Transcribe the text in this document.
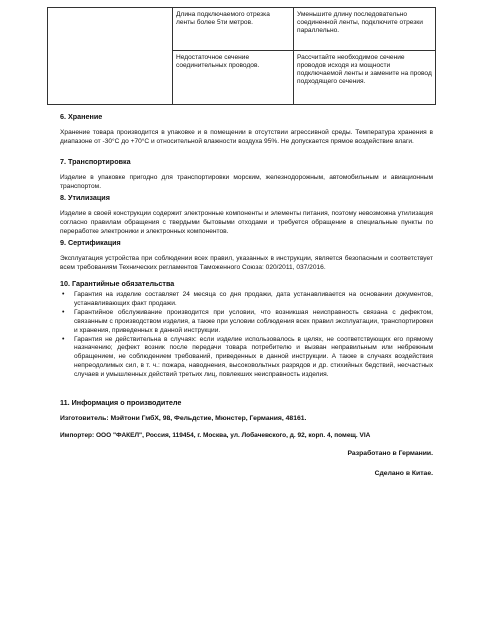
	Длина подключаемого отрезка ленты более 5ти метров.	Уменьшите длину последовательно соединенной ленты, подключите отрезки параллельно.
	Недостаточное сечение соединительных проводов.	Рассчитайте необходимое сечение проводов исходя из мощности подключаемой ленты и замените на провод подходящего сечения.
6. Хранение
Хранение товара производится в упаковке и в помещении в отсутствии агрессивной среды. Температура хранения в диапазоне от -30°С до +70°С и относительной влажности воздуха 95%. Не допускается прямое воздействие влаги.
7. Транспортировка
Изделие в упаковке пригодно для транспортировки морским, железнодорожным, автомобильным и авиационным транспортом.
8. Утилизация
Изделие в своей конструкции содержит электронные компоненты и элементы питания, поэтому невозможна утилизация согласно правилам обращения с твердыми бытовыми отходами и требуется обращение в специальные пункты по переработке электроники и электронных компонентов.
9. Сертификация
Эксплуатация устройства при соблюдении всех правил, указанных в инструкции, является безопасным и соответствует всем требованиям Технических регламентов Таможенного Союза: 020/2011, 037/2016.
10. Гарантийные обязательства
• Гарантия на изделие составляет 24 месяца со дня продажи, дата устанавливается на основании документов, устанавливающих факт продажи.
• Гарантийное обслуживание производится при условии, что возникшая неисправность связана с дефектом, связанным с производством изделия, а также при условии соблюдения всех правил эксплуатации, транспортировки и хранения, приведенных в данной инструкции.
• Гарантия не действительна в случаях: если изделие использовалось в целях, не соответствующих его прямому назначению; дефект возник после передачи товара потребителю и вызван неправильным или небрежным обращением, не соблюдением требований, приведенных в данной инструкции. А также в случаях воздействия непреодолимых сил, в т. ч.: пожара, наводнения, высоковольтных разрядов и др. стихийных бедствий, несчастных случаев и умышленных действий третьих лиц, повлекших неисправность изделия.
11. Информация о производителе
Изготовитель: Мэйтони ГмбХ, 98, Фельдстие, Мюнстер, Германия, 48161.
Импортер: ООО "ФАКЕЛ", Россия, 119454, г. Москва, ул. Лобачевского, д. 92, корп. 4, помещ. VIA
Разработано в Германии.
Сделано в Китае.
